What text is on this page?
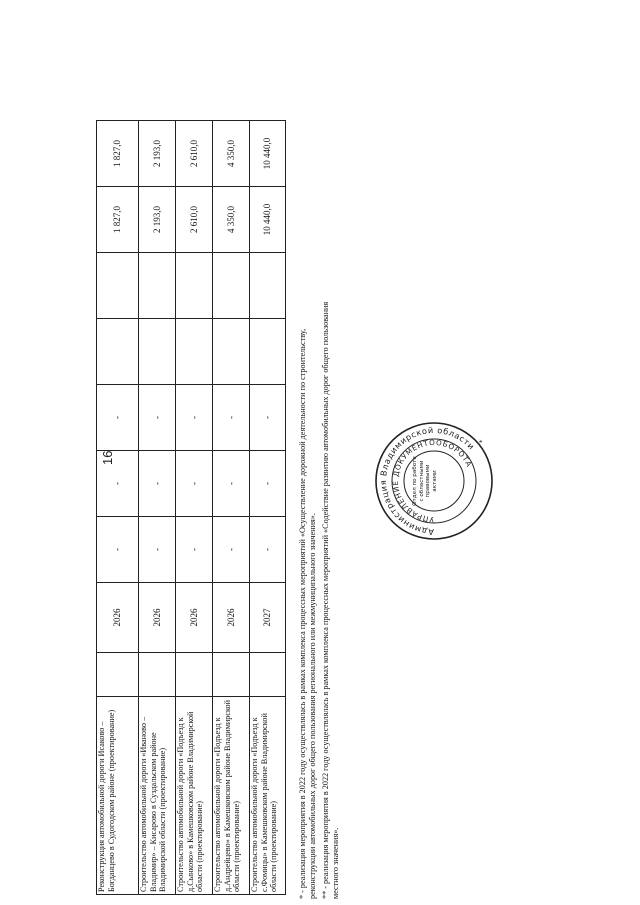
16
Реконструкция автомобильной дороги Исаково – Богданцево в Судогодском районе (проектирование)		2026	-	-	-			1 827,0	1 827,0
Строительство автомобильной дороги «Иваново – Владимир» – Кисарово в Суздальском районе Владимирской области (проектирование)		2026	-	-	-			2 193,0	2 193,0
Строительство автомобильной дороги «Подъезд к д.Сынково» в Камешковском районе Владимирской области (проектирование)		2026	-	-	-			2 610,0	2 610,0
Строительство автомобильной дороги «Подъезд к д.Андрейцево» в Камешковском районе Владимирской области (проектирование)		2026	-	-	-			4 350,0	4 350,0
Строительство автомобильной дороги «Подъезд к с.Фомицы» в Камешковском районе Владимирской области (проектирование)		2027	-	-	-			10 440,0	10 440,0

* - реализация мероприятия в 2022 году осуществлялась в рамках комплекса процессных мероприятий «Осуществление дорожной деятельности по строительству, реконструкции автомобильных дорог общего пользования регионального или межмуниципального значения». ** - реализация мероприятия в 2022 году осуществлялась в рамках комплекса процессных мероприятий «Содействие развитию автомобильных дорог общего пользования местного значения».

Администрация Владимирской области
УПРАВЛЕНИЕ ДОКУМЕНТООБОРОТА
Отдел по работе с областными правовыми актами
*
